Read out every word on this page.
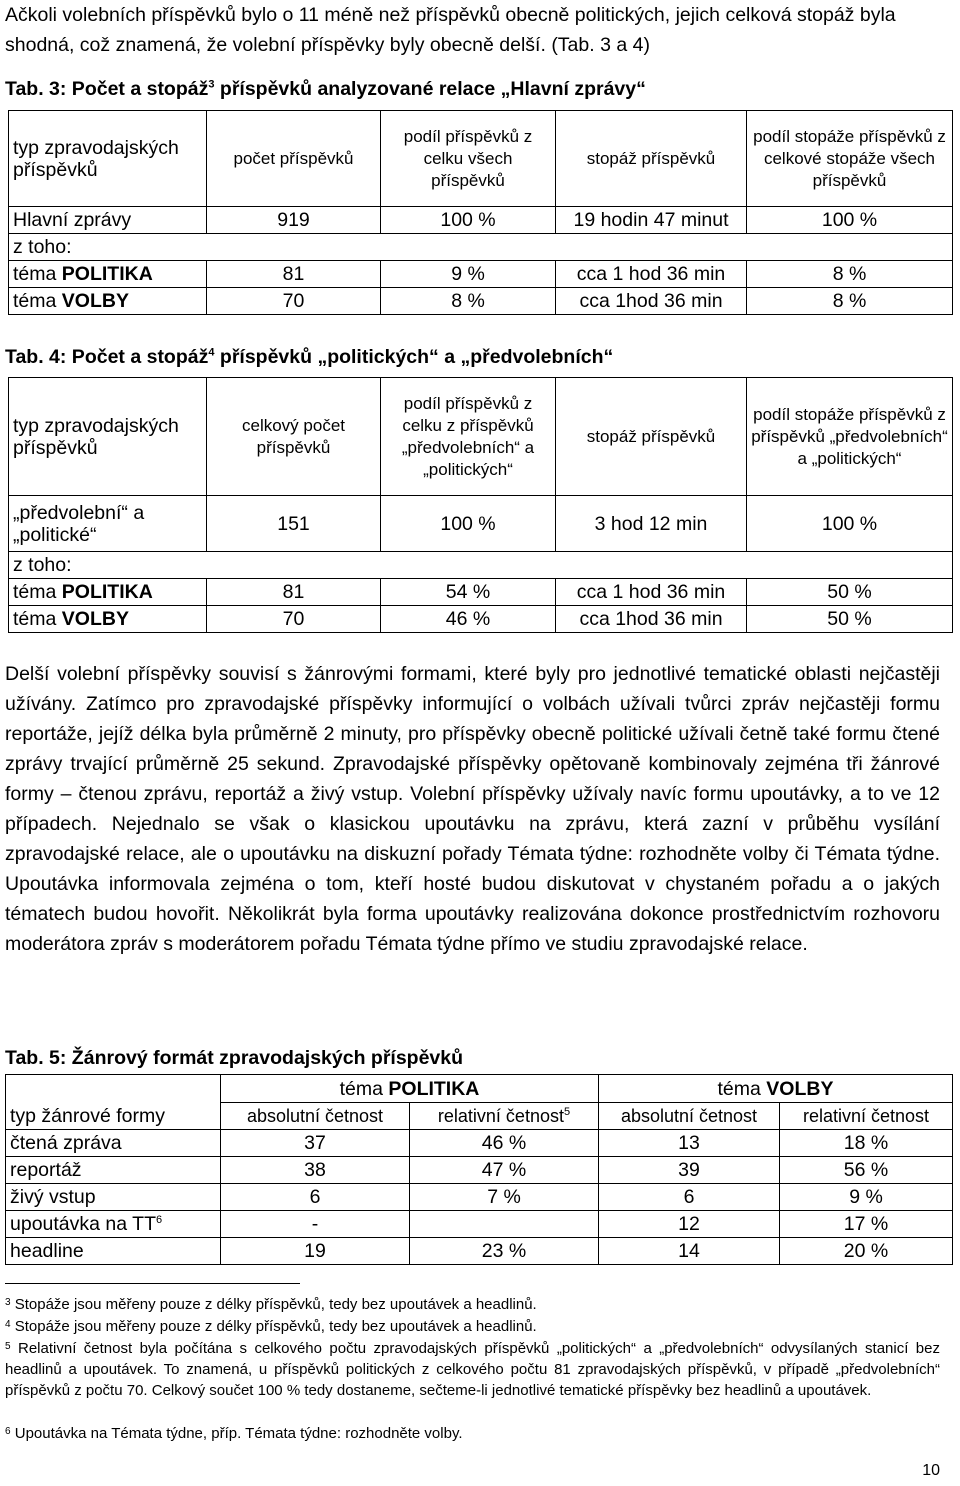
Ačkoli volebních příspěvků bylo o 11 méně než příspěvků obecně politických, jejich celková stopáž byla shodná, což znamená, že volební příspěvky byly obecně delší. (Tab. 3 a 4)

Tab. 3: Počet a stopáž$^3$ příspěvků analyzované relace „Hlavní zprávy“

typ zpravodajských příspěvků	počet příspěvků	podíl příspěvků z celku všech příspěvků	stopáž příspěvků	podíl stopáže příspěvků z celkové stopáže všech příspěvků
Hlavní zprávy	919	100 %	19 hodin 47 minut	100 %
z toho:				
téma POLITIKA	81	9 %	cca 1 hod 36 min	8 %
téma VOLBY	70	8 %	cca 1hod 36 min	8 %

Tab. 4: Počet a stopáž$^4$ příspěvků „politických“ a „předvolebních“

typ zpravodajských příspěvků	celkový počet příspěvků	podíl příspěvků z celku z příspěvků „předvolebních“ a „politických“	stopáž příspěvků	podíl stopáže příspěvků z příspěvků „předvolebních“ a „politických“
„předvolební“ a „politické“	151	100 %	3 hod 12 min	100 %
z toho:				
téma POLITIKA	81	54 %	cca 1 hod 36 min	50 %
téma VOLBY	70	46 %	cca 1hod 36 min	50 %

Delší volební příspěvky souvisí s žánrovými formami, které byly pro jednotlivé tematické oblasti nejčastěji užívány. Zatímco pro zpravodajské příspěvky informující o volbách užívali tvůrci zpráv nejčastěji formu reportáže, jejíž délka byla průměrně 2 minuty, pro příspěvky obecně politické užívali četně také formu čtené zprávy trvající průměrně 25 sekund. Zpravodajské příspěvky opětovaně kombinovaly zejména tři žánrové formy – čtenou zprávu, reportáž a živý vstup. Volební příspěvky užívaly navíc formu upoutávky, a to ve 12 případech. Nejednalo se však o klasickou upoutávku na zprávu, která zazní v průběhu vysílání zpravodajské relace, ale o upoutávku na diskuzní pořady Témata týdne: rozhodněte volby či Témata týdne. Upoutávka informovala zejména o tom, kteří hosté budou diskutovat v chystaném pořadu a o jakých tématech budou hovořit. Několikrát byla forma upoutávky realizována dokonce prostřednictvím rozhovoru moderátora zpráv s moderátorem pořadu Témata týdne přímo ve studiu zpravodajské relace.

Tab. 5: Žánrový formát zpravodajských příspěvků

	téma POLITIKA		téma VOLBY	
typ žánrové formy	absolutní četnost	relativní četnost$^5$	absolutní četnost	relativní četnost
čtená zpráva	37	46 %	13	18 %
reportáž	38	47 %	39	56 %
živý vstup	6	7 %	6	9 %
upoutávka na $TT^6$	-		12	17 %
headline	19	23 %	14	20 %

$^3$ Stopáže jsou měřeny pouze z délky příspěvků, tedy bez upoutávek a headlinů.

$^4$ Stopáže jsou měřeny pouze z délky příspěvků, tedy bez upoutávek a headlinů.

$^5$ Relativní četnost byla počítána s celkového počtu zpravodajských příspěvků „politických“ a „předvolebních“ odvysílaných stanicí bez headlinů a upoutávek. To znamená, u příspěvků politických z celkového počtu 81 zpravodajských příspěvků, v případě „předvolebních“ příspěvků z počtu 70. Celkový součet 100 % tedy dostaneme, sečteme-li jednotlivé tematické příspěvky bez headlinů a upoutávek.

$^6$ Upoutávka na Témata týdne, příp. Témata týdne: rozhodněte volby.

10
